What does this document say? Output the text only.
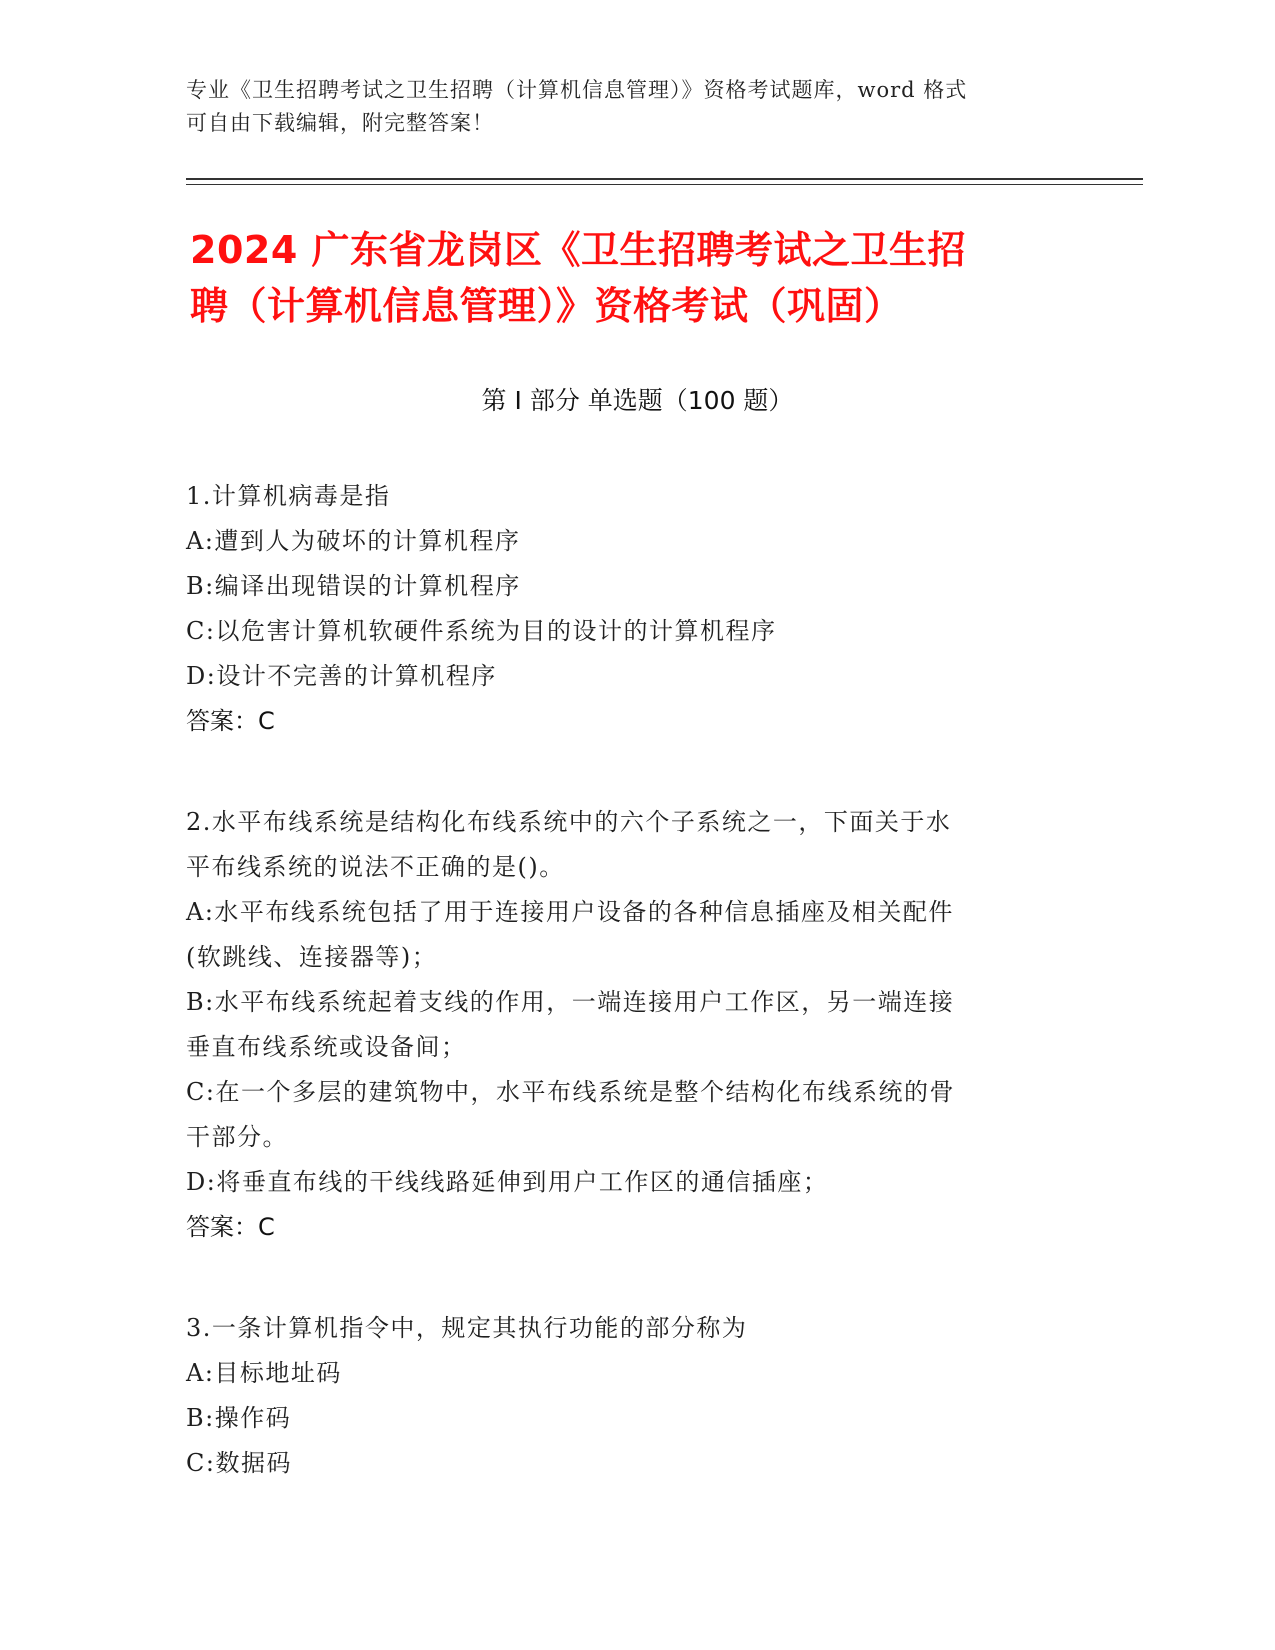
专业《卫生招聘考试之卫生招聘（计算机信息管理）》资格考试题库，word 格式
可自由下载编辑，附完整答案！
2024 广东省龙岗区《卫生招聘考试之卫生招
聘（计算机信息管理）》资格考试（巩固）
第 I 部分 单选题（100 题）
1.计算机病毒是指
A:遭到人为破坏的计算机程序
B:编译出现错误的计算机程序
C:以危害计算机软硬件系统为目的设计的计算机程序
D:设计不完善的计算机程序
答案：C
2.水平布线系统是结构化布线系统中的六个子系统之一，下面关于水
平布线系统的说法不正确的是()。
A:水平布线系统包括了用于连接用户设备的各种信息插座及相关配件
(软跳线、连接器等)；
B:水平布线系统起着支线的作用，一端连接用户工作区，另一端连接
垂直布线系统或设备间；
C:在一个多层的建筑物中，水平布线系统是整个结构化布线系统的骨
干部分。
D:将垂直布线的干线线路延伸到用户工作区的通信插座；
答案：C
3.一条计算机指令中，规定其执行功能的部分称为
A:目标地址码
B:操作码
C:数据码
